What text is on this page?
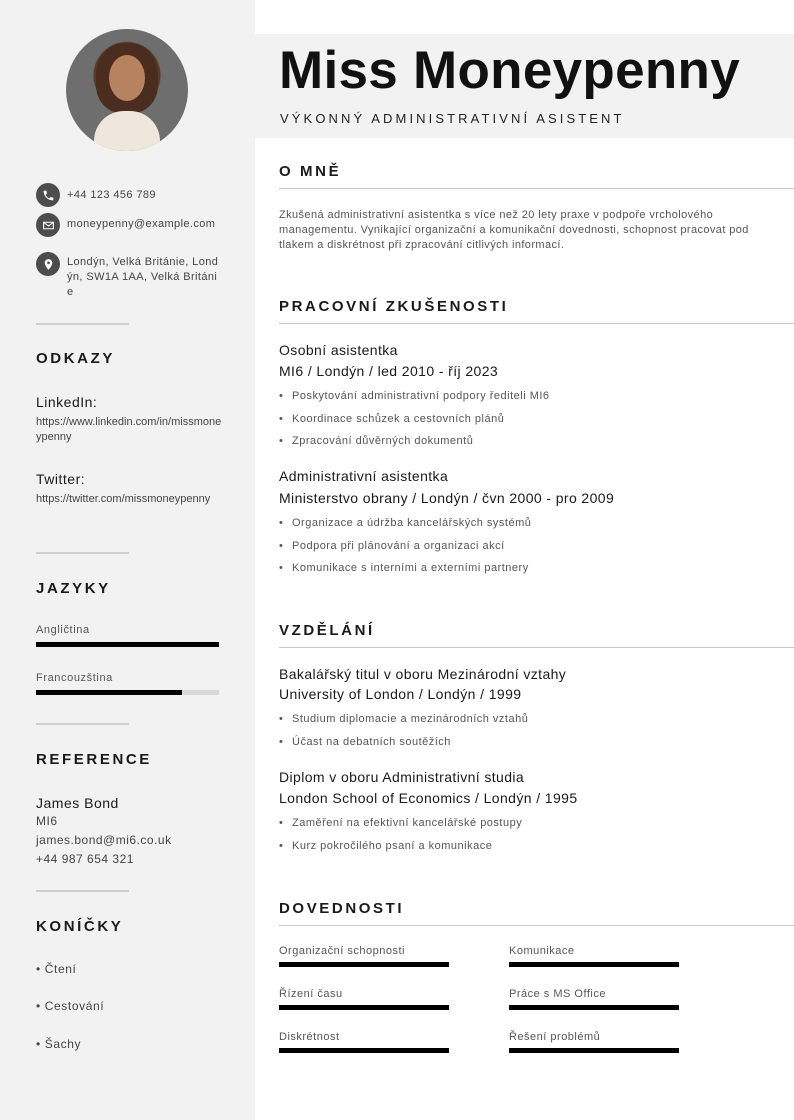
+44 123 456 789
moneypenny@example.com
Londýn, Velká Británie, Londýn, SW1A 1AA, Velká Británie
ODKAZY
LinkedIn:
https://www.linkedin.com/in/missmoneypenny
Twitter:
https://twitter.com/missmoneypenny
JAZYKY
Angličtina
Francouzština
REFERENCE
James Bond
MI6
james.bond@mi6.co.uk
+44 987 654 321
KONÍČKY
• Čtení
• Cestování
• Šachy
Miss Moneypenny
VÝKONNÝ ADMINISTRATIVNÍ ASISTENT
O MNĚ
Zkušená administrativní asistentka s více než 20 lety praxe v podpoře vrcholového managementu. Vynikající organizační a komunikační dovednosti, schopnost pracovat pod tlakem a diskrétnost při zpracování citlivých informací.
PRACOVNÍ ZKUŠENOSTI
Osobní asistentka
MI6 / Londýn / led 2010 - říj 2023
• Poskytování administrativní podpory řediteli MI6
• Koordinace schůzek a cestovních plánů
• Zpracování důvěrných dokumentů
Administrativní asistentka
Ministerstvo obrany / Londýn / čvn 2000 - pro 2009
• Organizace a údržba kancelářských systémů
• Podpora při plánování a organizaci akcí
• Komunikace s interními a externími partnery
VZDĚLÁNÍ
Bakalářský titul v oboru Mezinárodní vztahy
University of London / Londýn / 1999
• Studium diplomacie a mezinárodních vztahů
• Účast na debatních soutěžích
Diplom v oboru Administrativní studia
London School of Economics / Londýn / 1995
• Zaměření na efektivní kancelářské postupy
• Kurz pokročilého psaní a komunikace
DOVEDNOSTI
Organizační schopnosti	Komunikace
Řízení času	Práce s MS Office
Diskrétnost	Řešení problémů
